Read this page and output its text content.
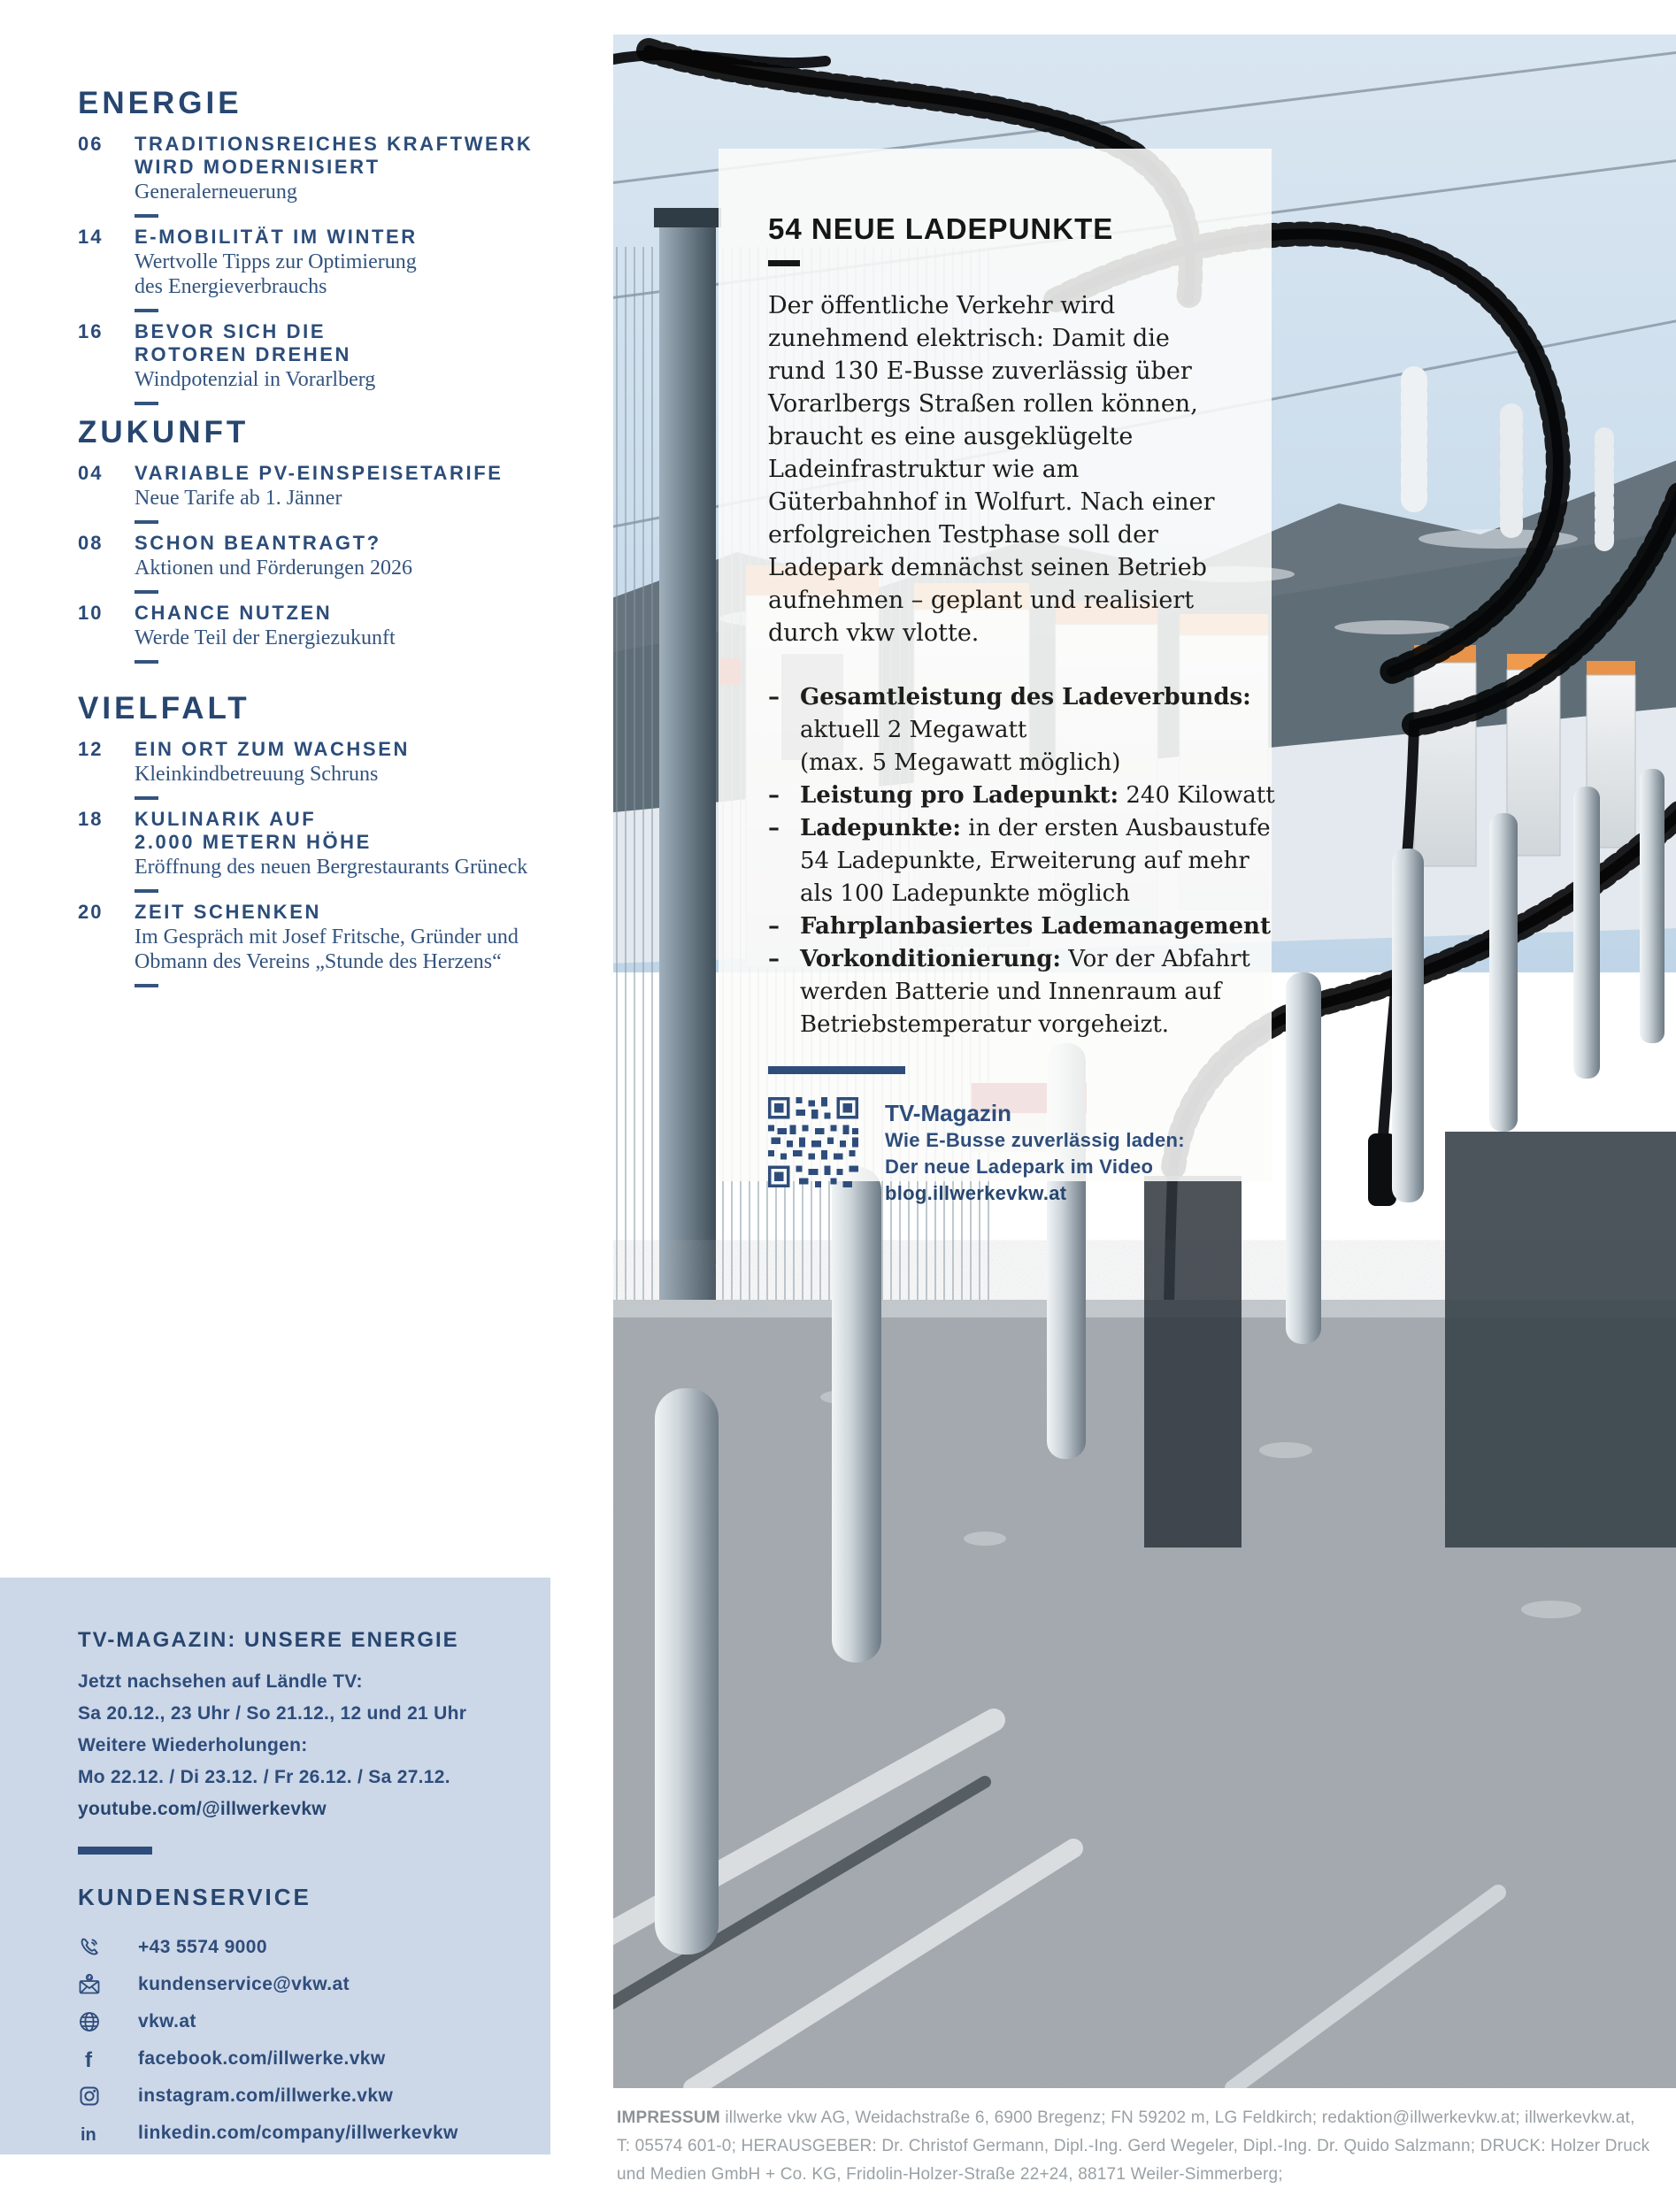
54 NEUE LADEPUNKTE

Der öffentliche Verkehr wird zunehmend elektrisch: Damit die rund 130 E-Busse zuverlässig über Vorarlbergs Straßen rollen können, braucht es eine ausgeklügelte Ladeinfrastruktur wie am Güterbahnhof in Wolfurt. Nach einer erfolgreichen Testphase soll der Ladepark demnächst seinen Betrieb aufnehmen – geplant und realisiert durch vkw vlotte.

– Gesamtleistung des Ladeverbunds:
aktuell 2 Megawatt
(max. 5 Megawatt möglich)
– Leistung pro Ladepunkt: 240 Kilowatt
– Ladepunkte: in der ersten Ausbaustufe
54 Ladepunkte, Erweiterung auf mehr
als 100 Ladepunkte möglich
– Fahrplanbasiertes Lademanagement
– Vorkonditionierung: Vor der Abfahrt
werden Batterie und Innenraum auf
Betriebstemperatur vorgeheizt.
TV-Magazin
Wie E-Busse zuverlässig laden:
Der neue Ladepark im Video
blog.illwerkevkw.at
ENERGIE
06	TRADITIONSREICHES KRAFTWERK
WIRD MODERNISIERT
Generalerneuerung
14	E-MOBILITÄT IM WINTER
Wertvolle Tipps zur Optimierung
des Energieverbrauchs
16	BEVOR SICH DIE
ROTOREN DREHEN
Windpotenzial in Vorarlberg
ZUKUNFT
04	VARIABLE PV-EINSPEISETARIFE
Neue Tarife ab 1. Jänner
08	SCHON BEANTRAGT?
Aktionen und Förderungen 2026
10	CHANCE NUTZEN
Werde Teil der Energiezukunft
VIELFALT
12	EIN ORT ZUM WACHSEN
Kleinkindbetreuung Schruns
18	KULINARIK AUF
2.000 METERN HÖHE
Eröffnung des neuen Bergrestaurants Grüneck
20	ZEIT SCHENKEN
Im Gespräch mit Josef Fritsche, Gründer und
Obmann des Vereins „Stunde des Herzens“
TV-MAGAZIN: UNSERE ENERGIE
Jetzt nachsehen auf Ländle TV:
Sa 20.12., 23 Uhr / So 21.12., 12 und 21 Uhr
Weitere Wiederholungen:
Mo 22.12. / Di 23.12. / Fr 26.12. / Sa 27.12.
youtube.com/@illwerkevkw
KUNDENSERVICE
+43 5574 9000
kundenservice@vkw.at
vkw.at
f facebook.com/illwerke.vkw
instagram.com/illwerke.vkw
in linkedin.com/company/illwerkevkw
IMPRESSUM illwerke vkw AG, Weidachstraße 6, 6900 Bregenz; FN 59202 m, LG Feldkirch; redaktion@illwerkevkw.at; illwerkevkw.at,
T: 05574 601-0; HERAUSGEBER: Dr. Christof Germann, Dipl.-Ing. Gerd Wegeler, Dipl.-Ing. Dr. Quido Salzmann; DRUCK: Holzer Druck
und Medien GmbH + Co. KG, Fridolin-Holzer-Straße 22+24, 88171 Weiler-Simmerberg;
